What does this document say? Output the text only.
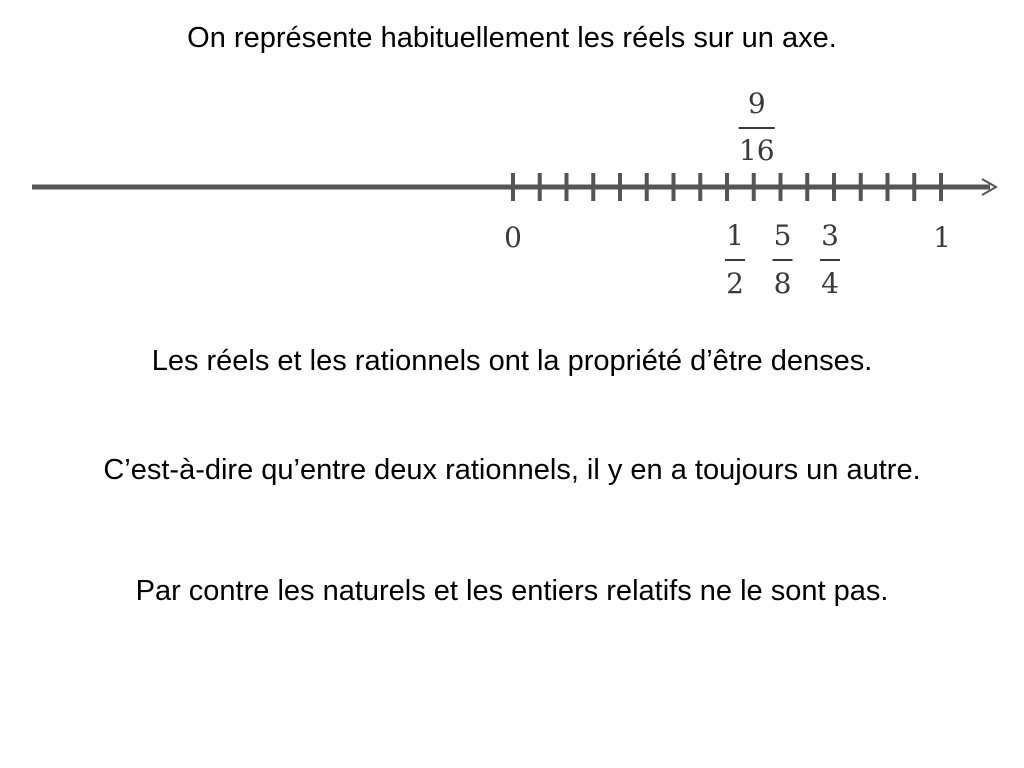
On représente habituellement les réels sur un axe.
0	1
2
5
8
3
4
1
9
16
Les réels et les rationnels ont la propriété d’être denses.
C’est-à-dire qu’entre deux rationnels, il y en a toujours un autre.
Par contre les naturels et les entiers relatifs ne le sont pas.
